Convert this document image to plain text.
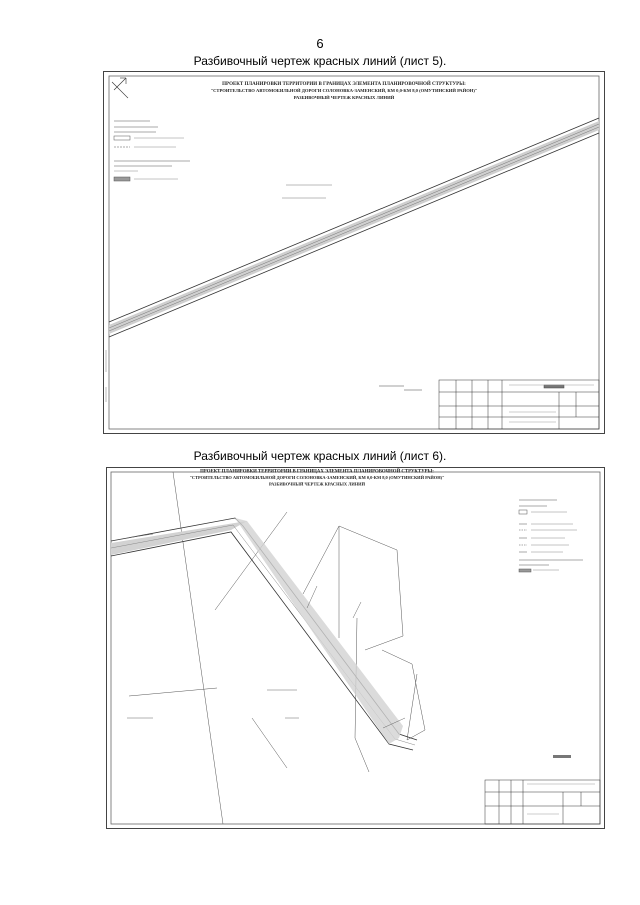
6
Разбивочный чертеж красных линий (лист 5).
ПРОЕКТ ПЛАНИРОВКИ ТЕРРИТОРИИ В ГРАНИЦАХ ЭЛЕМЕНТА ПЛАНИРОВОЧНОЙ СТРУКТУРЫ:
"СТРОИТЕЛЬСТВО АВТОМОБИЛЬНОЙ ДОРОГИ СОЛОНОВКА-ЗАМЕНСКИЙ, КМ 0,0-КМ 8,0 (ОМУТИНСКИЙ РАЙОН)"
РАЗБИВОЧНЫЙ ЧЕРТЕЖ КРАСНЫХ ЛИНИЙ
Разбивочный чертеж красных линий (лист 6).
ПРОЕКТ ПЛАНИРОВКИ ТЕРРИТОРИИ В ГРАНИЦАХ ЭЛЕМЕНТА ПЛАНИРОВОЧНОЙ СТРУКТУРЫ:
"СТРОИТЕЛЬСТВО АВТОМОБИЛЬНОЙ ДОРОГИ СОЛОНОВКА-ЗАМЕНСКИЙ, КМ 0,0-КМ 8,0 (ОМУТИНСКИЙ РАЙОН)"
РАЗБИВОЧНЫЙ ЧЕРТЕЖ КРАСНЫХ ЛИНИЙ
